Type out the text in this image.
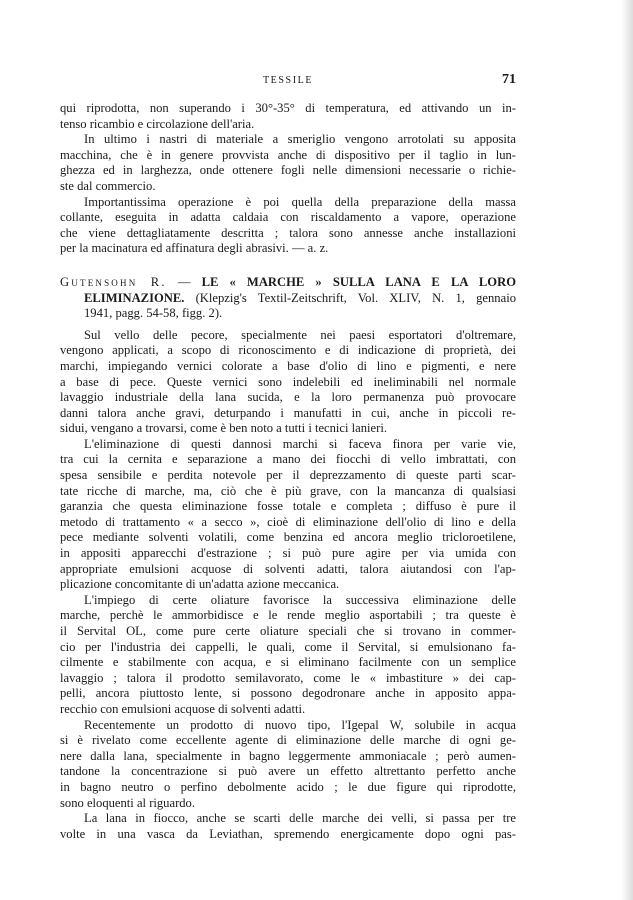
TESSILE	71

qui riprodotta, non superando i 30°-35° di temperatura, ed attivando un in-

tenso ricambio e circolazione dell'aria.

In ultimo i nastri di materiale a smeriglio vengono arrotolati su apposita

macchina, che è in genere provvista anche di dispositivo per il taglio in lun-

ghezza ed in larghezza, onde ottenere fogli nelle dimensioni necessarie o richie-

ste dal commercio.

Importantissima operazione è poi quella della preparazione della massa

collante, eseguita in adatta caldaia con riscaldamento a vapore, operazione

che viene dettagliatamente descritta ; talora sono annesse anche installazioni

per la macinatura ed affinatura degli abrasivi. — a. z.

Gutensohn R. — LE « MARCHE » SULLA LANA E LA LORO

ELIMINAZIONE. (Klepzig's Textil-Zeitschrift, Vol. XLIV, N. 1, gennaio

1941, pagg. 54-58, figg. 2).

Sul vello delle pecore, specialmente nei paesi esportatori d'oltremare,

vengono applicati, a scopo di riconoscimento e di indicazione di proprietà, dei

marchi, impiegando vernici colorate a base d'olio di lino e pigmenti, e nere

a base di pece. Queste vernici sono indelebili ed ineliminabili nel normale

lavaggio industriale della lana sucida, e la loro permanenza può provocare

danni talora anche gravi, deturpando i manufatti in cui, anche in piccoli re-

sidui, vengano a trovarsi, come è ben noto a tutti i tecnici lanieri.

L'eliminazione di questi dannosi marchi si faceva finora per varie vie,

tra cui la cernita e separazione a mano dei fiocchi di vello imbrattati, con

spesa sensibile e perdita notevole per il deprezzamento di queste parti scar-

tate ricche di marche, ma, ciò che è più grave, con la mancanza di qualsiasi

garanzia che questa eliminazione fosse totale e completa ; diffuso è pure il

metodo di trattamento « a secco », cioè di eliminazione dell'olio di lino e della

pece mediante solventi volatili, come benzina ed ancora meglio tricloroetilene,

in appositi apparecchi d'estrazione ; si può pure agire per via umida con

appropriate emulsioni acquose di solventi adatti, talora aiutandosi con l'ap-

plicazione concomitante di un'adatta azione meccanica.

L'impiego di certe oliature favorisce la successiva eliminazione delle

marche, perchè le ammorbidisce e le rende meglio asportabili ; tra queste è

il Servital OL, come pure certe oliature speciali che si trovano in commer-

cio per l'industria dei cappelli, le quali, come il Servital, si emulsionano fa-

cilmente e stabilmente con acqua, e si eliminano facilmente con un semplice

lavaggio ; talora il prodotto semilavorato, come le « imbastiture » dei cap-

pelli, ancora piuttosto lente, si possono degodronare anche in apposito appa-

recchio con emulsioni acquose di solventi adatti.

Recentemente un prodotto di nuovo tipo, l'Igepal W, solubile in acqua

si è rivelato come eccellente agente di eliminazione delle marche di ogni ge-

nere dalla lana, specialmente in bagno leggermente ammoniacale ; però aumen-

tandone la concentrazione si può avere un effetto altrettanto perfetto anche

in bagno neutro o perfino debolmente acido ; le due figure qui riprodotte,

sono eloquenti al riguardo.

La lana in fiocco, anche se scarti delle marche dei velli, si passa per tre

volte in una vasca da Leviathan, spremendo energicamente dopo ogni pas-
